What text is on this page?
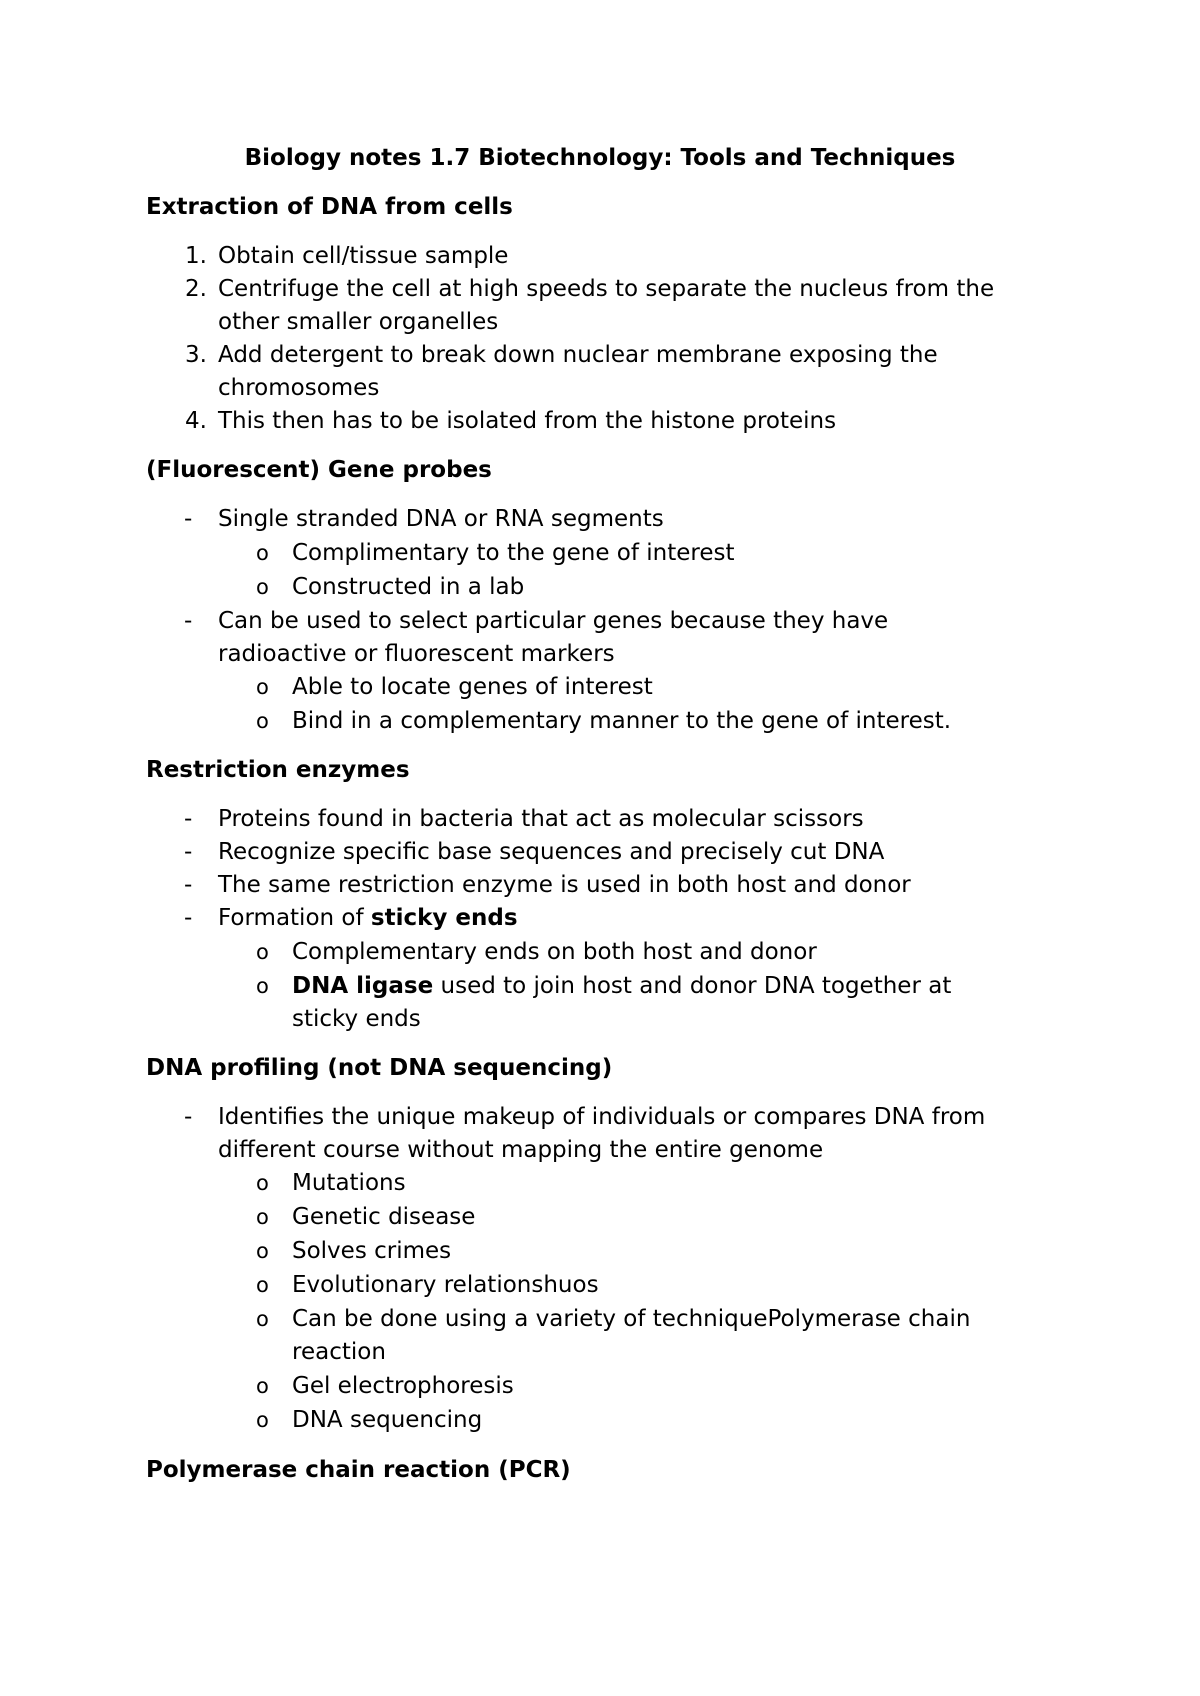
Biology notes 1.7 Biotechnology: Tools and Techniques
Extraction of DNA from cells
1. Obtain cell/tissue sample
2. Centrifuge the cell at high speeds to separate the nucleus from the
other smaller organelles
3. Add detergent to break down nuclear membrane exposing the
chromosomes
4. This then has to be isolated from the histone proteins
(Fluorescent) Gene probes
- Single stranded DNA or RNA segments
o Complimentary to the gene of interest
o Constructed in a lab
- Can be used to select particular genes because they have
radioactive or fluorescent markers
o Able to locate genes of interest
o Bind in a complementary manner to the gene of interest.
Restriction enzymes
- Proteins found in bacteria that act as molecular scissors
- Recognize specific base sequences and precisely cut DNA
- The same restriction enzyme is used in both host and donor
- Formation of sticky ends
o Complementary ends on both host and donor
o DNA ligase used to join host and donor DNA together at
sticky ends
DNA profiling (not DNA sequencing)
- Identifies the unique makeup of individuals or compares DNA from
different course without mapping the entire genome
o Mutations
o Genetic disease
o Solves crimes
o Evolutionary relationshuos
o Can be done using a variety of techniquePolymerase chain
reaction
o Gel electrophoresis
o DNA sequencing
Polymerase chain reaction (PCR)
